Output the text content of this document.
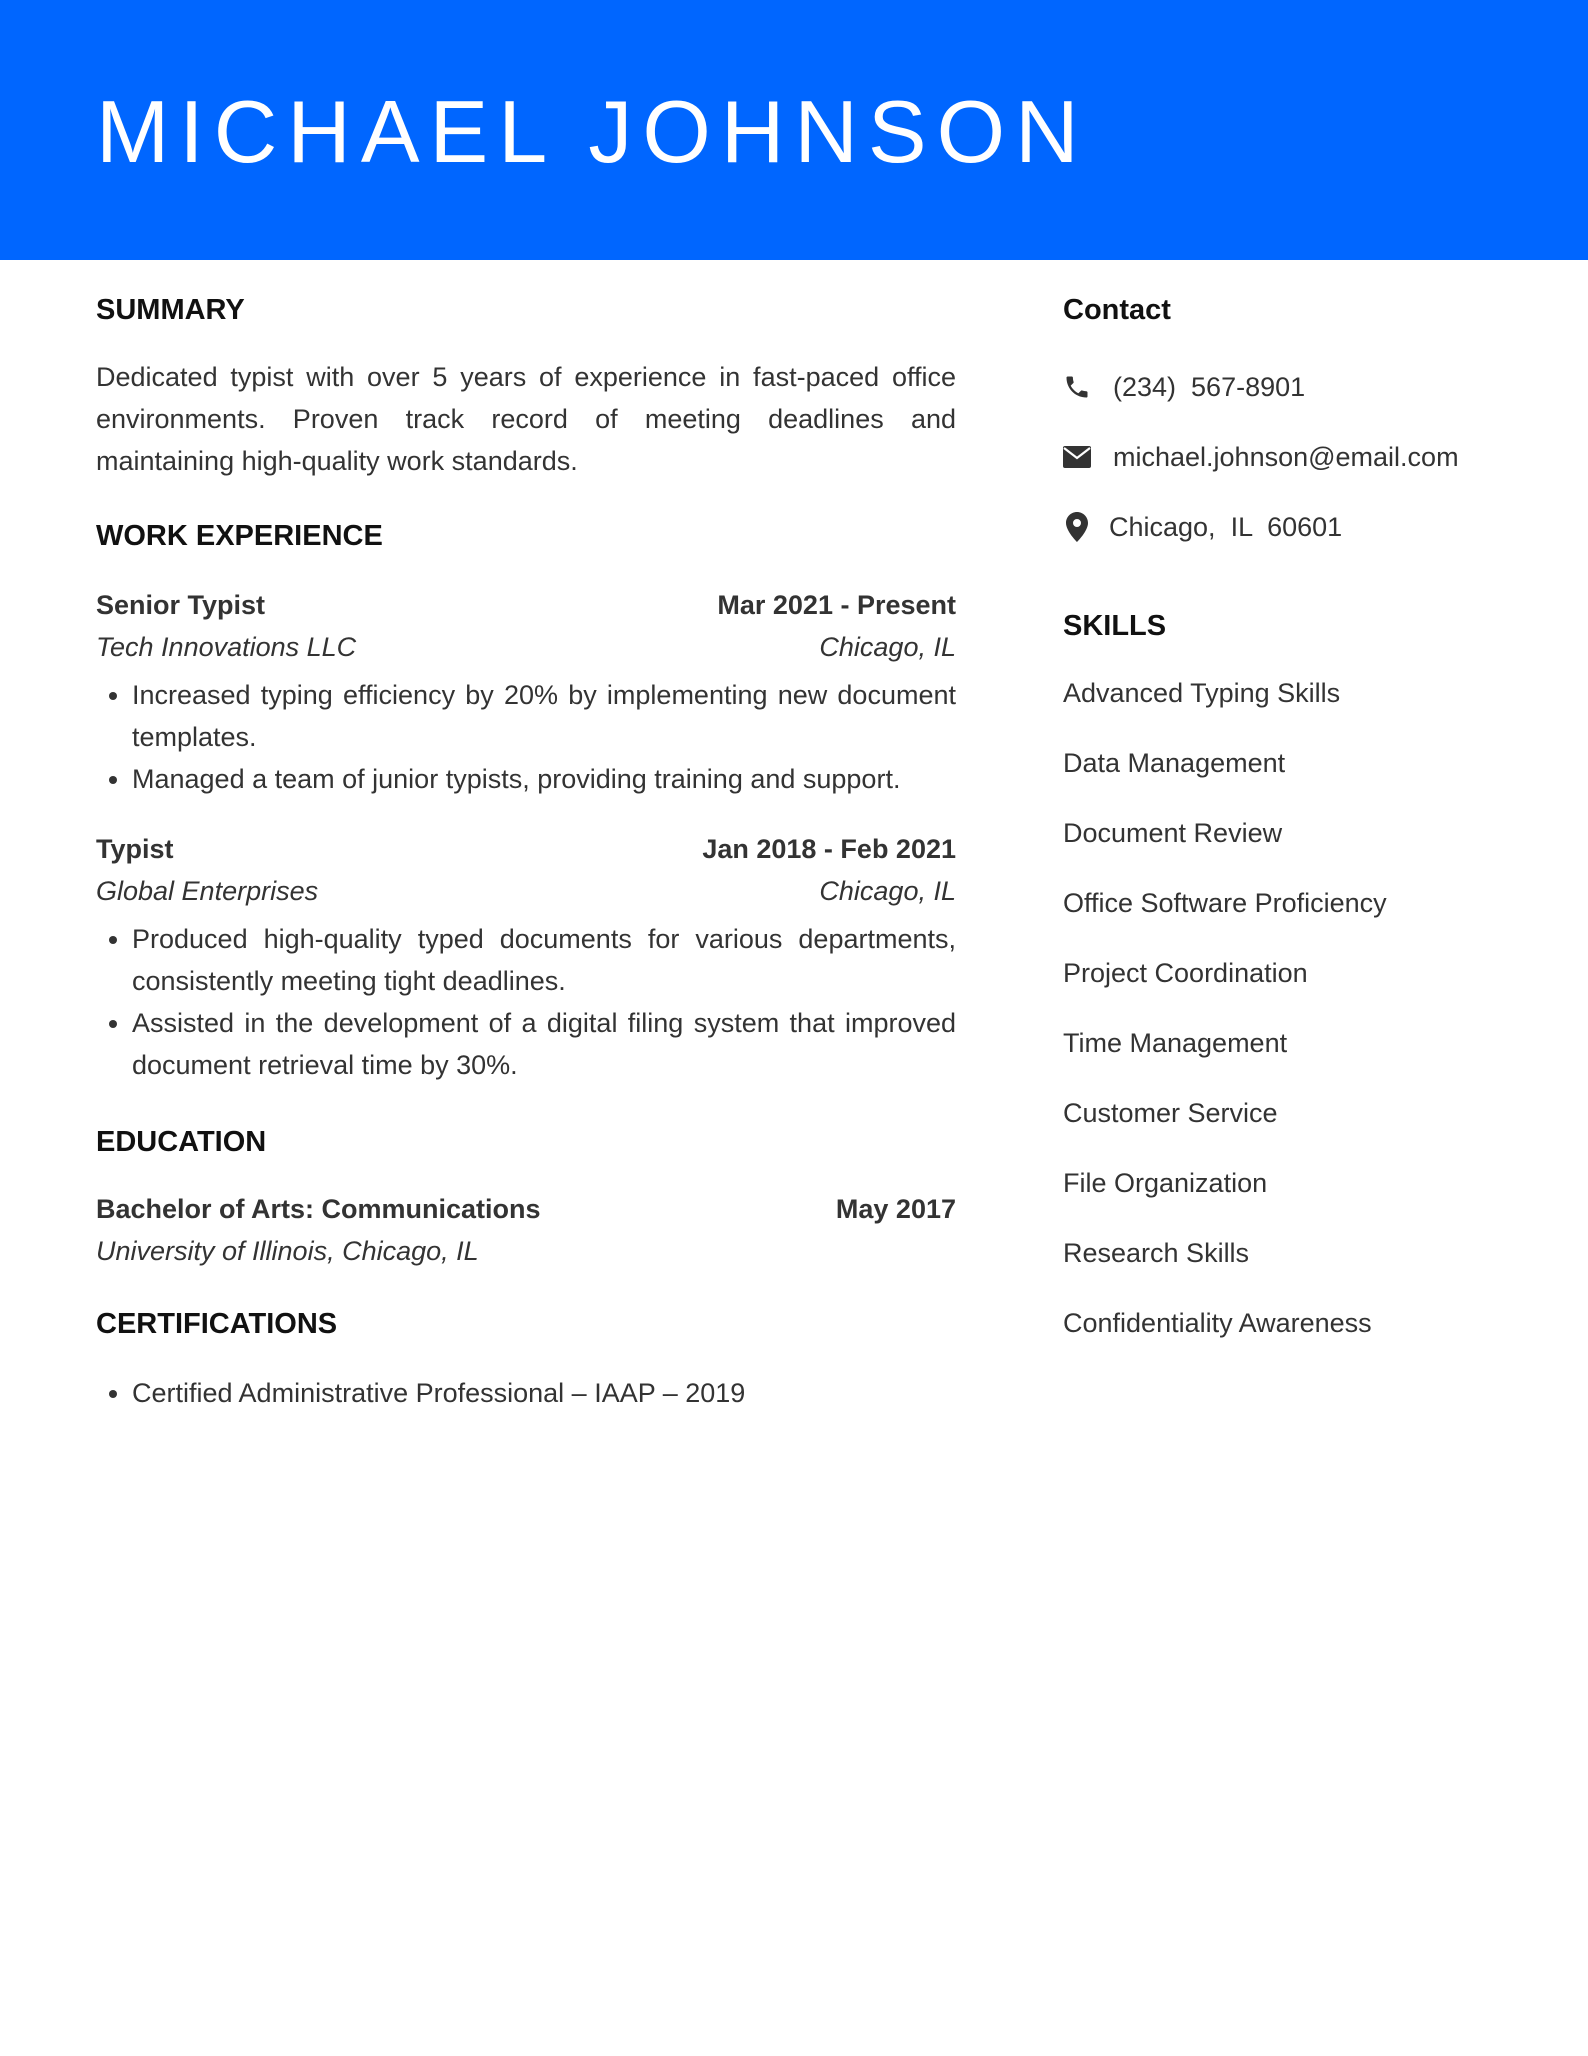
MICHAEL JOHNSON
SUMMARY
Dedicated typist with over 5 years of experience in fast-paced office environments. Proven track record of meeting deadlines and maintaining high-quality work standards.
WORK EXPERIENCE
Senior Typist	Mar 2021 - Present
Tech Innovations LLC	Chicago, IL
• Increased typing efficiency by 20% by implementing new document templates.
• Managed a team of junior typists, providing training and support.
Typist	Jan 2018 - Feb 2021
Global Enterprises	Chicago, IL
• Produced high-quality typed documents for various departments, consistently meeting tight deadlines.
• Assisted in the development of a digital filing system that improved document retrieval time by 30%.
EDUCATION
Bachelor of Arts: Communications	May 2017
University of Illinois, Chicago, IL
CERTIFICATIONS
• Certified Administrative Professional – IAAP – 2019
Contact
(234)  567-8901
michael.johnson@email.com
Chicago,  IL  60601
SKILLS
Advanced Typing Skills
Data Management
Document Review
Office Software Proficiency
Project Coordination
Time Management
Customer Service
File Organization
Research Skills
Confidentiality Awareness
